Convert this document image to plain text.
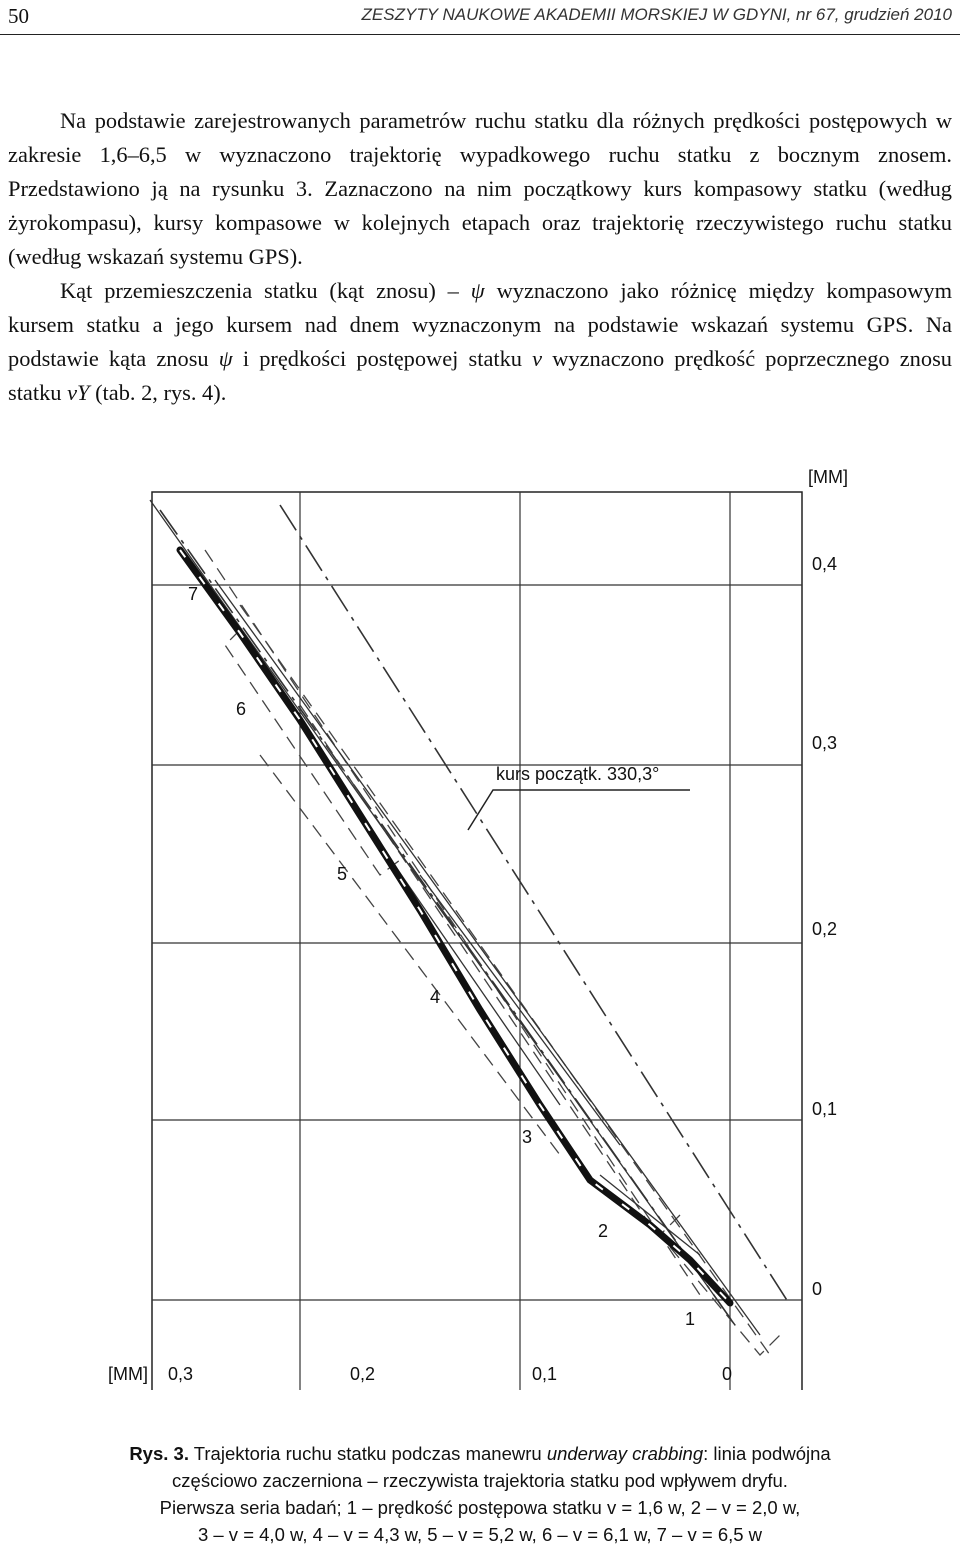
50	ZESZYTY NAUKOWE AKADEMII MORSKIEJ W GDYNI, nr 67, grudzień 2010

Na podstawie zarejestrowanych parametrów ruchu statku dla różnych prędkości postępowych w zakresie 1,6–6,5 w wyznaczono trajektorię wypadkowego ruchu statku z bocznym znosem. Przedstawiono ją na rysunku 3. Zaznaczono na nim początkowy kurs kompasowy statku (według żyrokompasu), kursy kompasowe w kolejnych etapach oraz trajektorię rzeczywistego ruchu statku (według wskazań systemu GPS).

Kąt przemieszczenia statku (kąt znosu) – ψ wyznaczono jako różnicę między kompasowym kursem statku a jego kursem nad dnem wyznaczonym na podstawie wskazań systemu GPS. Na podstawie kąta znosu ψ i prędkości postępowej statku v wyznaczono prędkość poprzecznego znosu statku vY (tab. 2, rys. 4).

[MM]
0,4
0,3
0,2
0,1
0
[MM] 0,3	0,2	0,1	0
7
6
5
4
3
2
1
kurs początk. 330,3°
Rys. 3. Trajektoria ruchu statku podczas manewru underway crabbing: linia podwójna
częściowo zaczerniona – rzeczywista trajektoria statku pod wpływem dryfu.
Pierwsza seria badań; 1 – prędkość postępowa statku v = 1,6 w, 2 – v = 2,0 w,
3 – v = 4,0 w, 4 – v = 4,3 w, 5 – v = 5,2 w, 6 – v = 6,1 w, 7 – v = 6,5 w
